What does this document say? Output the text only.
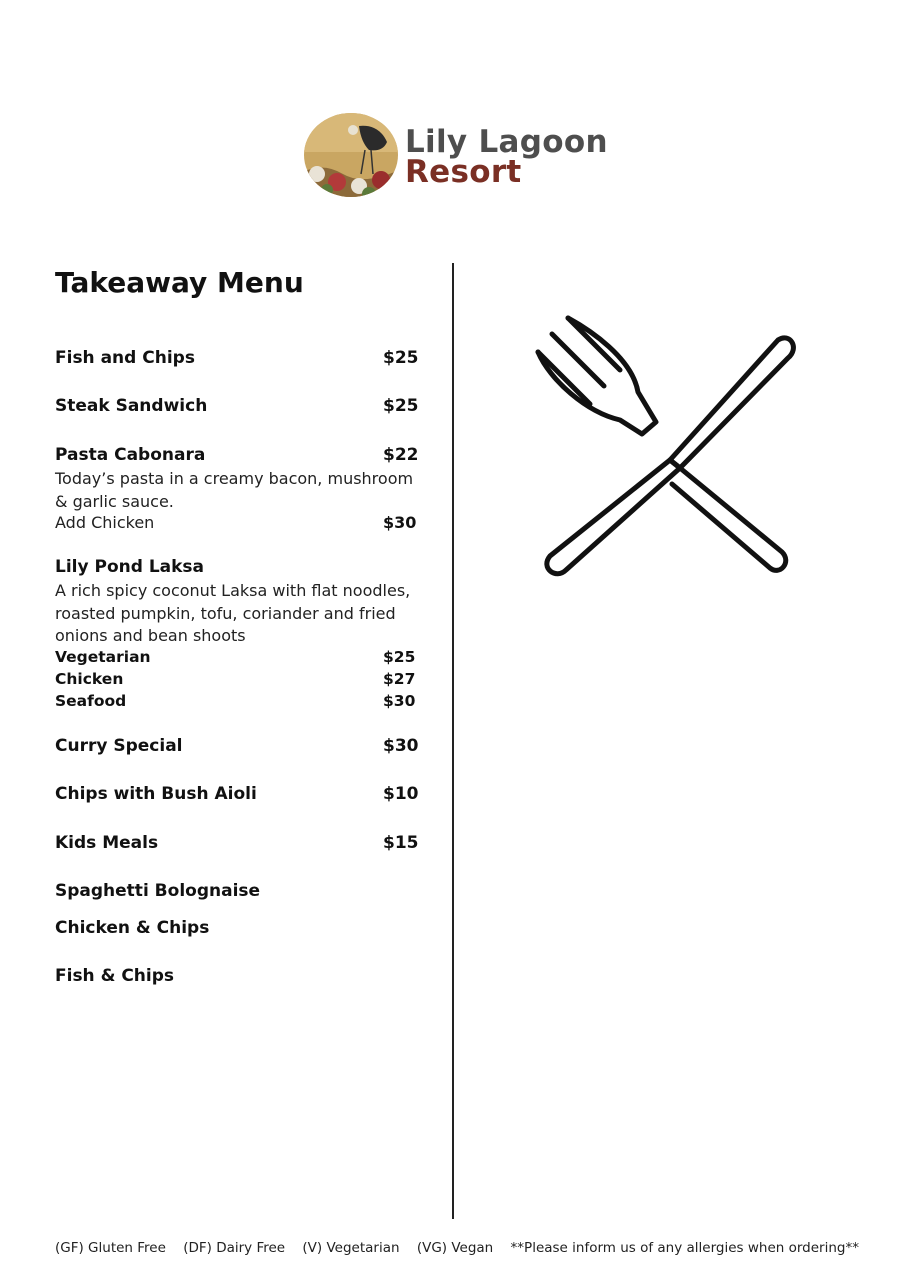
Lily Lagoon
Resort
Takeaway Menu
Fish and Chips	$25
Steak Sandwich	$25
Pasta Cabonara	$22
Today’s pasta in a creamy bacon, mushroom
& garlic sauce.
Add Chicken	$30
Lily Pond Laksa
A rich spicy coconut Laksa with flat noodles,
roasted pumpkin, tofu, coriander and fried
onions and bean shoots
Vegetarian	$25
Chicken	$27
Seafood	$30
Curry Special	$30
Chips with Bush Aioli	$10
Kids Meals	$15
Spaghetti Bolognaise
Chicken & Chips
Fish & Chips
(GF) Gluten Free (DF) Dairy Free (V) Vegetarian (VG) Vegan **Please inform us of any allergies when ordering**
